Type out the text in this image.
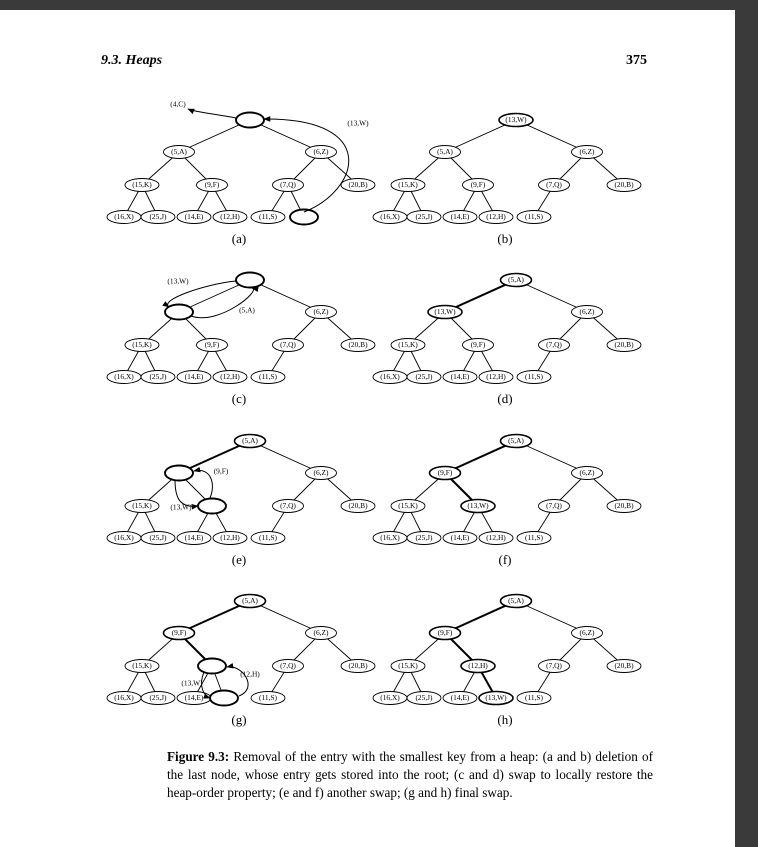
9.3. Heaps	375
Figure 9.3: Removal of the entry with the smallest key from a heap: (a and b) deletion of the last node, whose entry gets stored into the root; (c and d) swap to locally restore the heap-order property; (e and f) another swap; (g and h) final swap.
(5,A)	(6,Z)
(15,K)	(9,F)	(7,Q)	(20,B)
(16,X) (25,J) (14,E) (12,H)	(11,S)
(a)
(4,C)
(13,W)	(13,W)
(5,A)	(6,Z)
(15,K)	(9,F)	(7,Q)	(20,B)
(16,X) (25,J) (14,E) (12,H)	(11,S)
(b)
(6,Z)
(15,K)	(9,F)	(7,Q)	(20,B)
(16,X) (25,J) (14,E) (12,H)	(11,S)
(c)
(13,W)
(5,A)
(5,A)
(13,W)	(6,Z)
(15,K)	(9,F)	(7,Q)	(20,B)
(16,X) (25,J) (14,E) (12,H)	(11,S)
(d)
(5,A)
(6,Z)
(15,K)	(7,Q)	(20,B)
(16,X) (25,J) (14,E) (12,H)	(11,S)
(e)
(9,F)
(13,W)
(5,A)
(9,F)	(6,Z)
(15,K)	(13,W)	(7,Q)	(20,B)
(16,X) (25,J) (14,E) (12,H)	(11,S)
(f)
(5,A)
(9,F)	(6,Z)
(15,K)	(7,Q)	(20,B)
(16,X) (25,J) (14,E)	(11,S)
(g)
(12,H)
(13,W)
(5,A)
(9,F)	(6,Z)
(15,K)	(12,H)	(7,Q)	(20,B)
(16,X) (25,J) (14,E) (13,W) (11,S)
(h)
